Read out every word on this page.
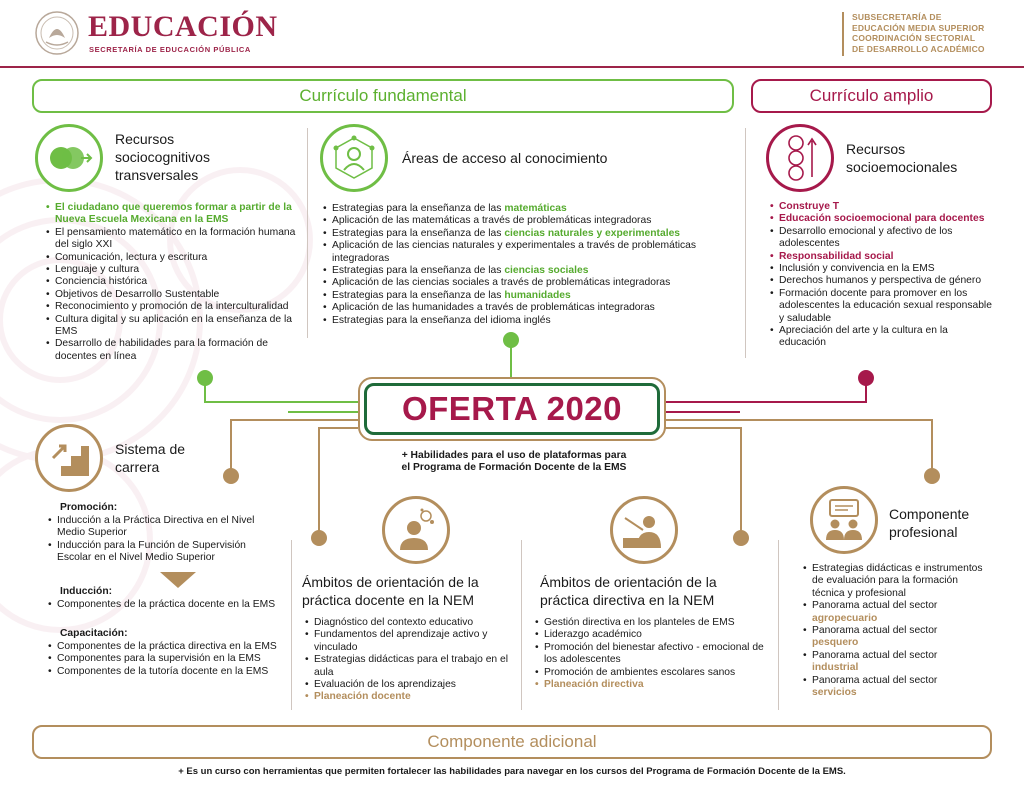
EDUCACIÓN
SECRETARÍA DE EDUCACIÓN PÚBLICA
SUBSECRETARÍA DE
EDUCACIÓN MEDIA SUPERIOR
COORDINACIÓN SECTORIAL
DE DESARROLLO ACADÉMICO
Currículo fundamental	Currículo amplio
Recursos
sociocognitivos
transversales
• El ciudadano que queremos formar a partir de la Nueva Escuela Mexicana en la EMS
• El pensamiento matemático en la formación humana del siglo XXI
• Comunicación, lectura y escritura
• Lenguaje y cultura
• Conciencia histórica
• Objetivos de Desarrollo Sustentable
• Reconocimiento y promoción de la interculturalidad
• Cultura digital y su aplicación en la enseñanza de la EMS
• Desarrollo de habilidades para la formación de docentes en línea
Áreas de acceso al conocimiento
• Estrategias para la enseñanza de las matemáticas
• Aplicación de las matemáticas a través de problemáticas integradoras
• Estrategias para la enseñanza de las ciencias naturales y experimentales
• Aplicación de las ciencias naturales y experimentales a través de problemáticas integradoras
• Estrategias para la enseñanza de las ciencias sociales
• Aplicación de las ciencias sociales a través de problemáticas integradoras
• Estrategias para la enseñanza de las humanidades
• Aplicación de las humanidades a través de problemáticas integradoras
• Estrategias para la enseñanza del idioma inglés
Recursos
socioemocionales
• Construye T
• Educación socioemocional para docentes
• Desarrollo emocional y afectivo de los adolescentes
• Responsabilidad social
• Inclusión y convivencia en la EMS
• Derechos humanos y perspectiva de género
• Formación docente para promover en los adolescentes la educación sexual responsable y saludable
• Apreciación del arte y la cultura en la educación
OFERTA 2020
+ Habilidades para el uso de plataformas para el Programa de Formación Docente de la EMS
Sistema de
carrera
Promoción:
• Inducción a la Práctica Directiva en el Nivel Medio Superior
• Inducción para la Función de Supervisión Escolar en el Nivel Medio Superior
Inducción:
• Componentes de la práctica docente en la EMS
Capacitación:
• Componentes de la práctica directiva en la EMS
• Componentes para la supervisión en la EMS
• Componentes de la tutoría docente en la EMS
Ámbitos de orientación de la
práctica docente en la NEM
• Diagnóstico del contexto educativo
• Fundamentos del aprendizaje activo y vinculado
• Estrategias didácticas para el trabajo en el aula
• Evaluación de los aprendizajes
• Planeación docente
Ámbitos de orientación de la
práctica directiva en la NEM
• Gestión directiva en los planteles de EMS
• Liderazgo académico
• Promoción del bienestar afectivo - emocional de los adolescentes
• Promoción de ambientes escolares sanos
• Planeación directiva
Componente
profesional
• Estrategias didácticas e instrumentos de evaluación para la formación técnica y profesional
• Panorama actual del sector
agropecuario
• Panorama actual del sector
pesquero
• Panorama actual del sector
industrial
• Panorama actual del sector
servicios
Componente adicional
+ Es un curso con herramientas que permiten fortalecer las habilidades para navegar en los cursos del Programa de Formación Docente de la EMS.
